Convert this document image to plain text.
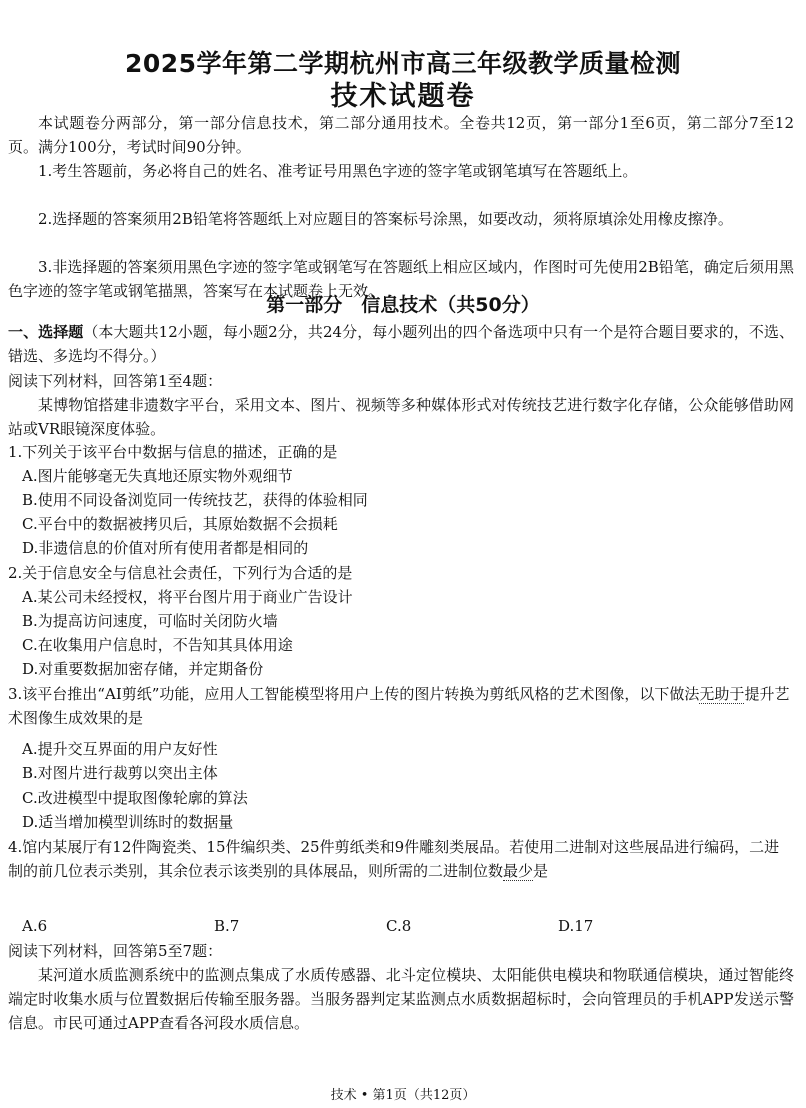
2025学年第二学期杭州市高三年级教学质量检测
技术试题卷
本试题卷分两部分，第一部分信息技术，第二部分通用技术。全卷共12页，第一部分1至6页，第二部分7至12页。满分100分，考试时间90分钟。
1.考生答题前，务必将自己的姓名、准考证号用黑色字迹的签字笔或钢笔填写在答题纸上。
2.选择题的答案须用2B铅笔将答题纸上对应题目的答案标号涂黑，如要改动，须将原填涂处用橡皮擦净。
3.非选择题的答案须用黑色字迹的签字笔或钢笔写在答题纸上相应区域内，作图时可先使用2B铅笔，确定后须用黑色字迹的签字笔或钢笔描黑，答案写在本试题卷上无效。
第一部分　信息技术（共50分）
一、选择题（本大题共12小题，每小题2分，共24分，每小题列出的四个备选项中只有一个是符合题目要求的，不选、错选、多选均不得分。）
阅读下列材料，回答第1至4题：
某博物馆搭建非遗数字平台，采用文本、图片、视频等多种媒体形式对传统技艺进行数字化存储，公众能够借助网站或VR眼镜深度体验。
1.下列关于该平台中数据与信息的描述，正确的是
A.图片能够毫无失真地还原实物外观细节
B.使用不同设备浏览同一传统技艺，获得的体验相同
C.平台中的数据被拷贝后，其原始数据不会损耗
D.非遗信息的价值对所有使用者都是相同的
2.关于信息安全与信息社会责任，下列行为合适的是
A.某公司未经授权，将平台图片用于商业广告设计
B.为提高访问速度，可临时关闭防火墙
C.在收集用户信息时，不告知其具体用途
D.对重要数据加密存储，并定期备份
3.该平台推出“AI剪纸”功能，应用人工智能模型将用户上传的图片转换为剪纸风格的艺术图像，以下做法无助于提升艺术图像生成效果的是
A.提升交互界面的用户友好性
B.对图片进行裁剪以突出主体
C.改进模型中提取图像轮廓的算法
D.适当增加模型训练时的数据量
4.馆内某展厅有12件陶瓷类、15件编织类、25件剪纸类和9件雕刻类展品。若使用二进制对这些展品进行编码，二进制的前几位表示类别，其余位表示该类别的具体展品，则所需的二进制位数最少是
A.6	B.7	C.8	D.17
阅读下列材料，回答第5至7题：
某河道水质监测系统中的监测点集成了水质传感器、北斗定位模块、太阳能供电模块和物联通信模块，通过智能终端定时收集水质与位置数据后传输至服务器。当服务器判定某监测点水质数据超标时，会向管理员的手机APP发送示警信息。市民可通过APP查看各河段水质信息。
技术 • 第1页（共12页）
